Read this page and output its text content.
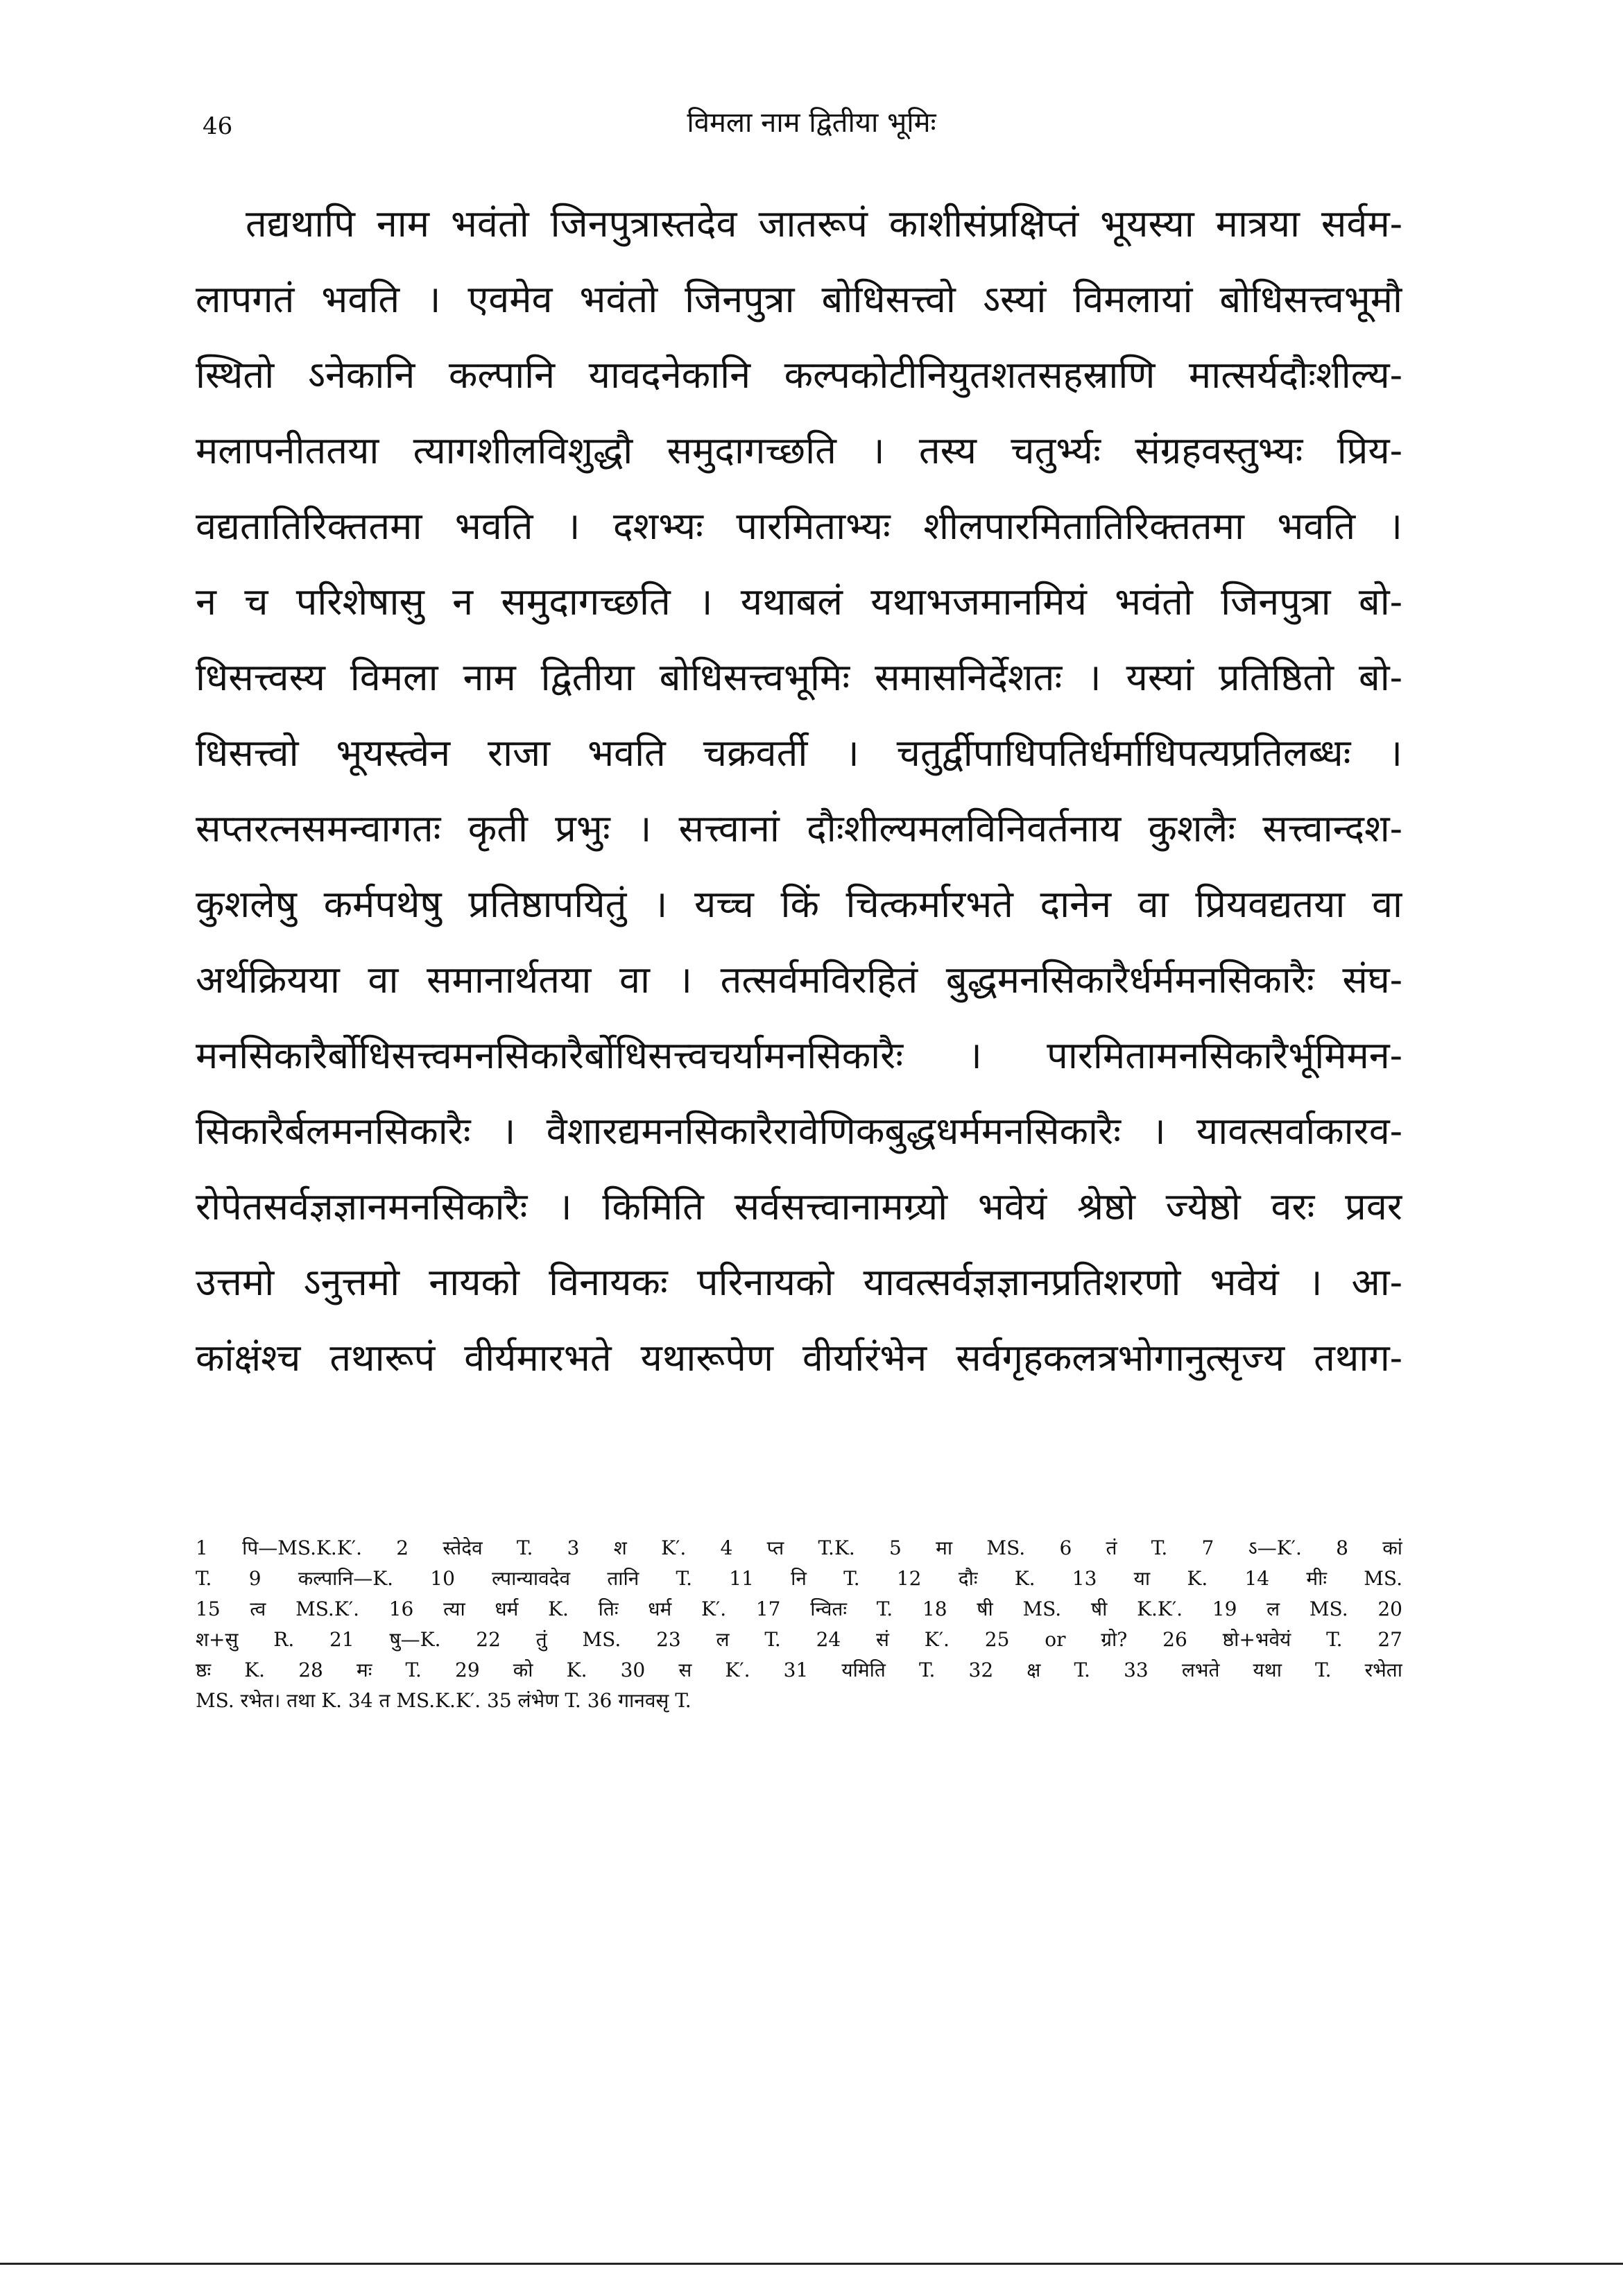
46	विमला नाम द्वितीया भूमिः
तद्यथापि नाम भवंतो जिनपुत्रास्तदेव जातरूपं काशीसंप्रक्षिप्तं भूयस्या मात्रया सर्वम-
लापगतं भवति । एवमेव भवंतो जिनपुत्रा बोधिसत्त्वो ऽस्यां विमलायां बोधिसत्त्वभूमौ
स्थितो ऽनेकानि कल्पानि यावदनेकानि कल्पकोटीनियुतशतसहस्राणि मात्सर्यदौःशील्य-
मलापनीततया त्यागशीलविशुद्धौ समुदागच्छति । तस्य चतुर्भ्यः संग्रहवस्तुभ्यः प्रिय-
वद्यतातिरिक्ततमा भवति । दशभ्यः पारमिताभ्यः शीलपारमितातिरिक्ततमा भवति ।
न च परिशेषासु न समुदागच्छति । यथाबलं यथाभजमानमियं भवंतो जिनपुत्रा बो-
धिसत्त्वस्य विमला नाम द्वितीया बोधिसत्त्वभूमिः समासनिर्देशतः । यस्यां प्रतिष्ठितो बो-
धिसत्त्वो भूयस्त्वेन राजा भवति चक्रवर्ती । चतुर्द्वीपाधिपतिर्धर्माधिपत्यप्रतिलब्धः ।
सप्तरत्नसमन्वागतः कृती प्रभुः । सत्त्वानां दौःशील्यमलविनिवर्तनाय कुशलैः सत्त्वान्दश-
कुशलेषु कर्मपथेषु प्रतिष्ठापयितुं । यच्च किं चित्कर्मारभते दानेन वा प्रियवद्यतया वा
अर्थक्रियया वा समानार्थतया वा । तत्सर्वमविरहितं बुद्धमनसिकारैर्धर्ममनसिकारैः संघ-
मनसिकारैर्बोधिसत्त्वमनसिकारैर्बोधिसत्त्वचर्यामनसिकारैः । पारमितामनसिकारैर्भूमिमन-
सिकारैर्बलमनसिकारैः । वैशारद्यमनसिकारैरावेणिकबुद्धधर्ममनसिकारैः । यावत्सर्वाकारव-
रोपेतसर्वज्ञज्ञानमनसिकारैः । किमिति सर्वसत्त्वानामग्र्यो भवेयं श्रेष्ठो ज्येष्ठो वरः प्रवर
उत्तमो ऽनुत्तमो नायको विनायकः परिनायको यावत्सर्वज्ञज्ञानप्रतिशरणो भवेयं । आ-
कांक्षंश्च तथारूपं वीर्यमारभते यथारूपेण वीर्यारंभेन सर्वगृहकलत्रभोगानुत्सृज्य तथाग-
1 पि—MS.K.K′. 2 स्तेदेव T. 3 श K′. 4 प्त T.K. 5 मा MS. 6 तं T. 7 ऽ—K′. 8 कां
T. 9 कल्पानि—K. 10 ल्पान्यावदेव तानि T. 11 नि T. 12 दौः K. 13 या K. 14 मीः MS.
15 त्व MS.K′. 16 त्या धर्म K. तिः धर्म K′. 17 न्वितः T. 18 षी MS. षी K.K′. 19 ल MS. 20
श+सु R. 21 षु—K. 22 तुं MS. 23 ल T. 24 सं K′. 25 or ग्रो? 26 ष्ठो+भवेयं T. 27
ष्ठः K. 28 मः T. 29 को K. 30 स K′. 31 यमिति T. 32 क्ष T. 33 लभते यथा T. रभेता
MS. रभेत। तथा K. 34 त MS.K.K′. 35 लंभेण T. 36 गानवसृ T.
